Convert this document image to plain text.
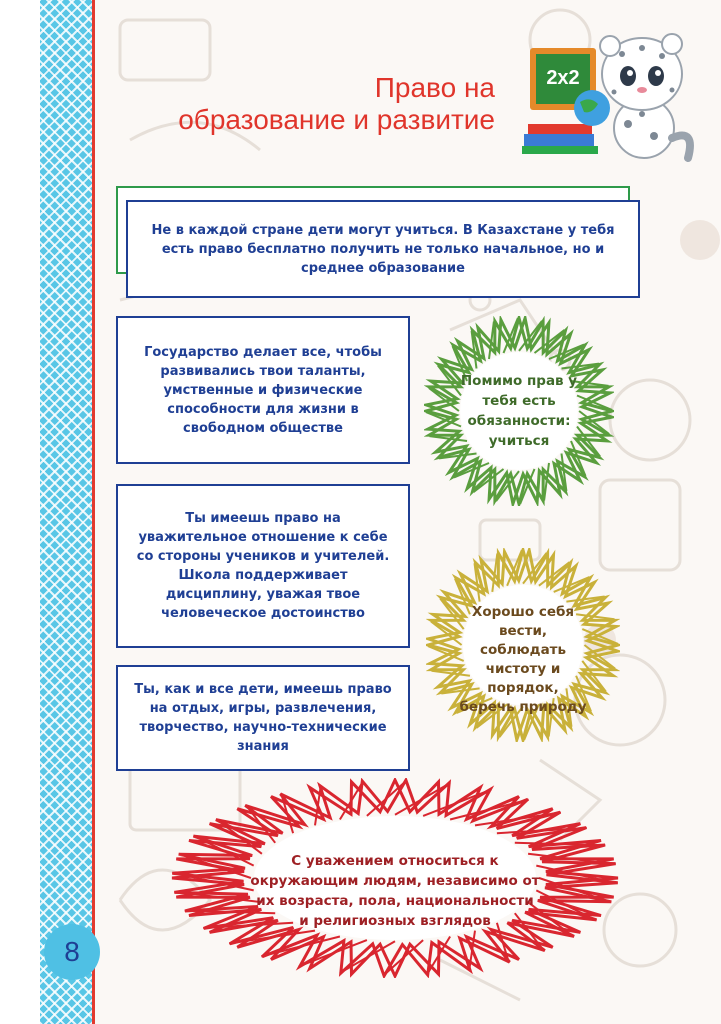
Право на
образование и развитие
2x2
Не в каждой стране дети могут учиться. В Казахстане у тебя есть право бесплатно получить не только начальное, но и среднее образование
Государство делает все, чтобы развивались твои таланты, умственные и физические способности для жизни в свободном обществе
Ты имеешь право на уважительное отношение к себе со стороны учеников и учителей. Школа поддерживает дисциплину, уважая твое человеческое достоинство
Ты, как и все дети, имеешь право на отдых, игры, развлечения, творчество, научно-технические знания
Помимо прав у тебя есть обязанности: учиться
Хорошо себя вести, соблюдать чистоту и порядок, беречь природу
С уважением относиться к окружающим людям, независимо от их возраста, пола, национальности и религиозных взглядов
8
